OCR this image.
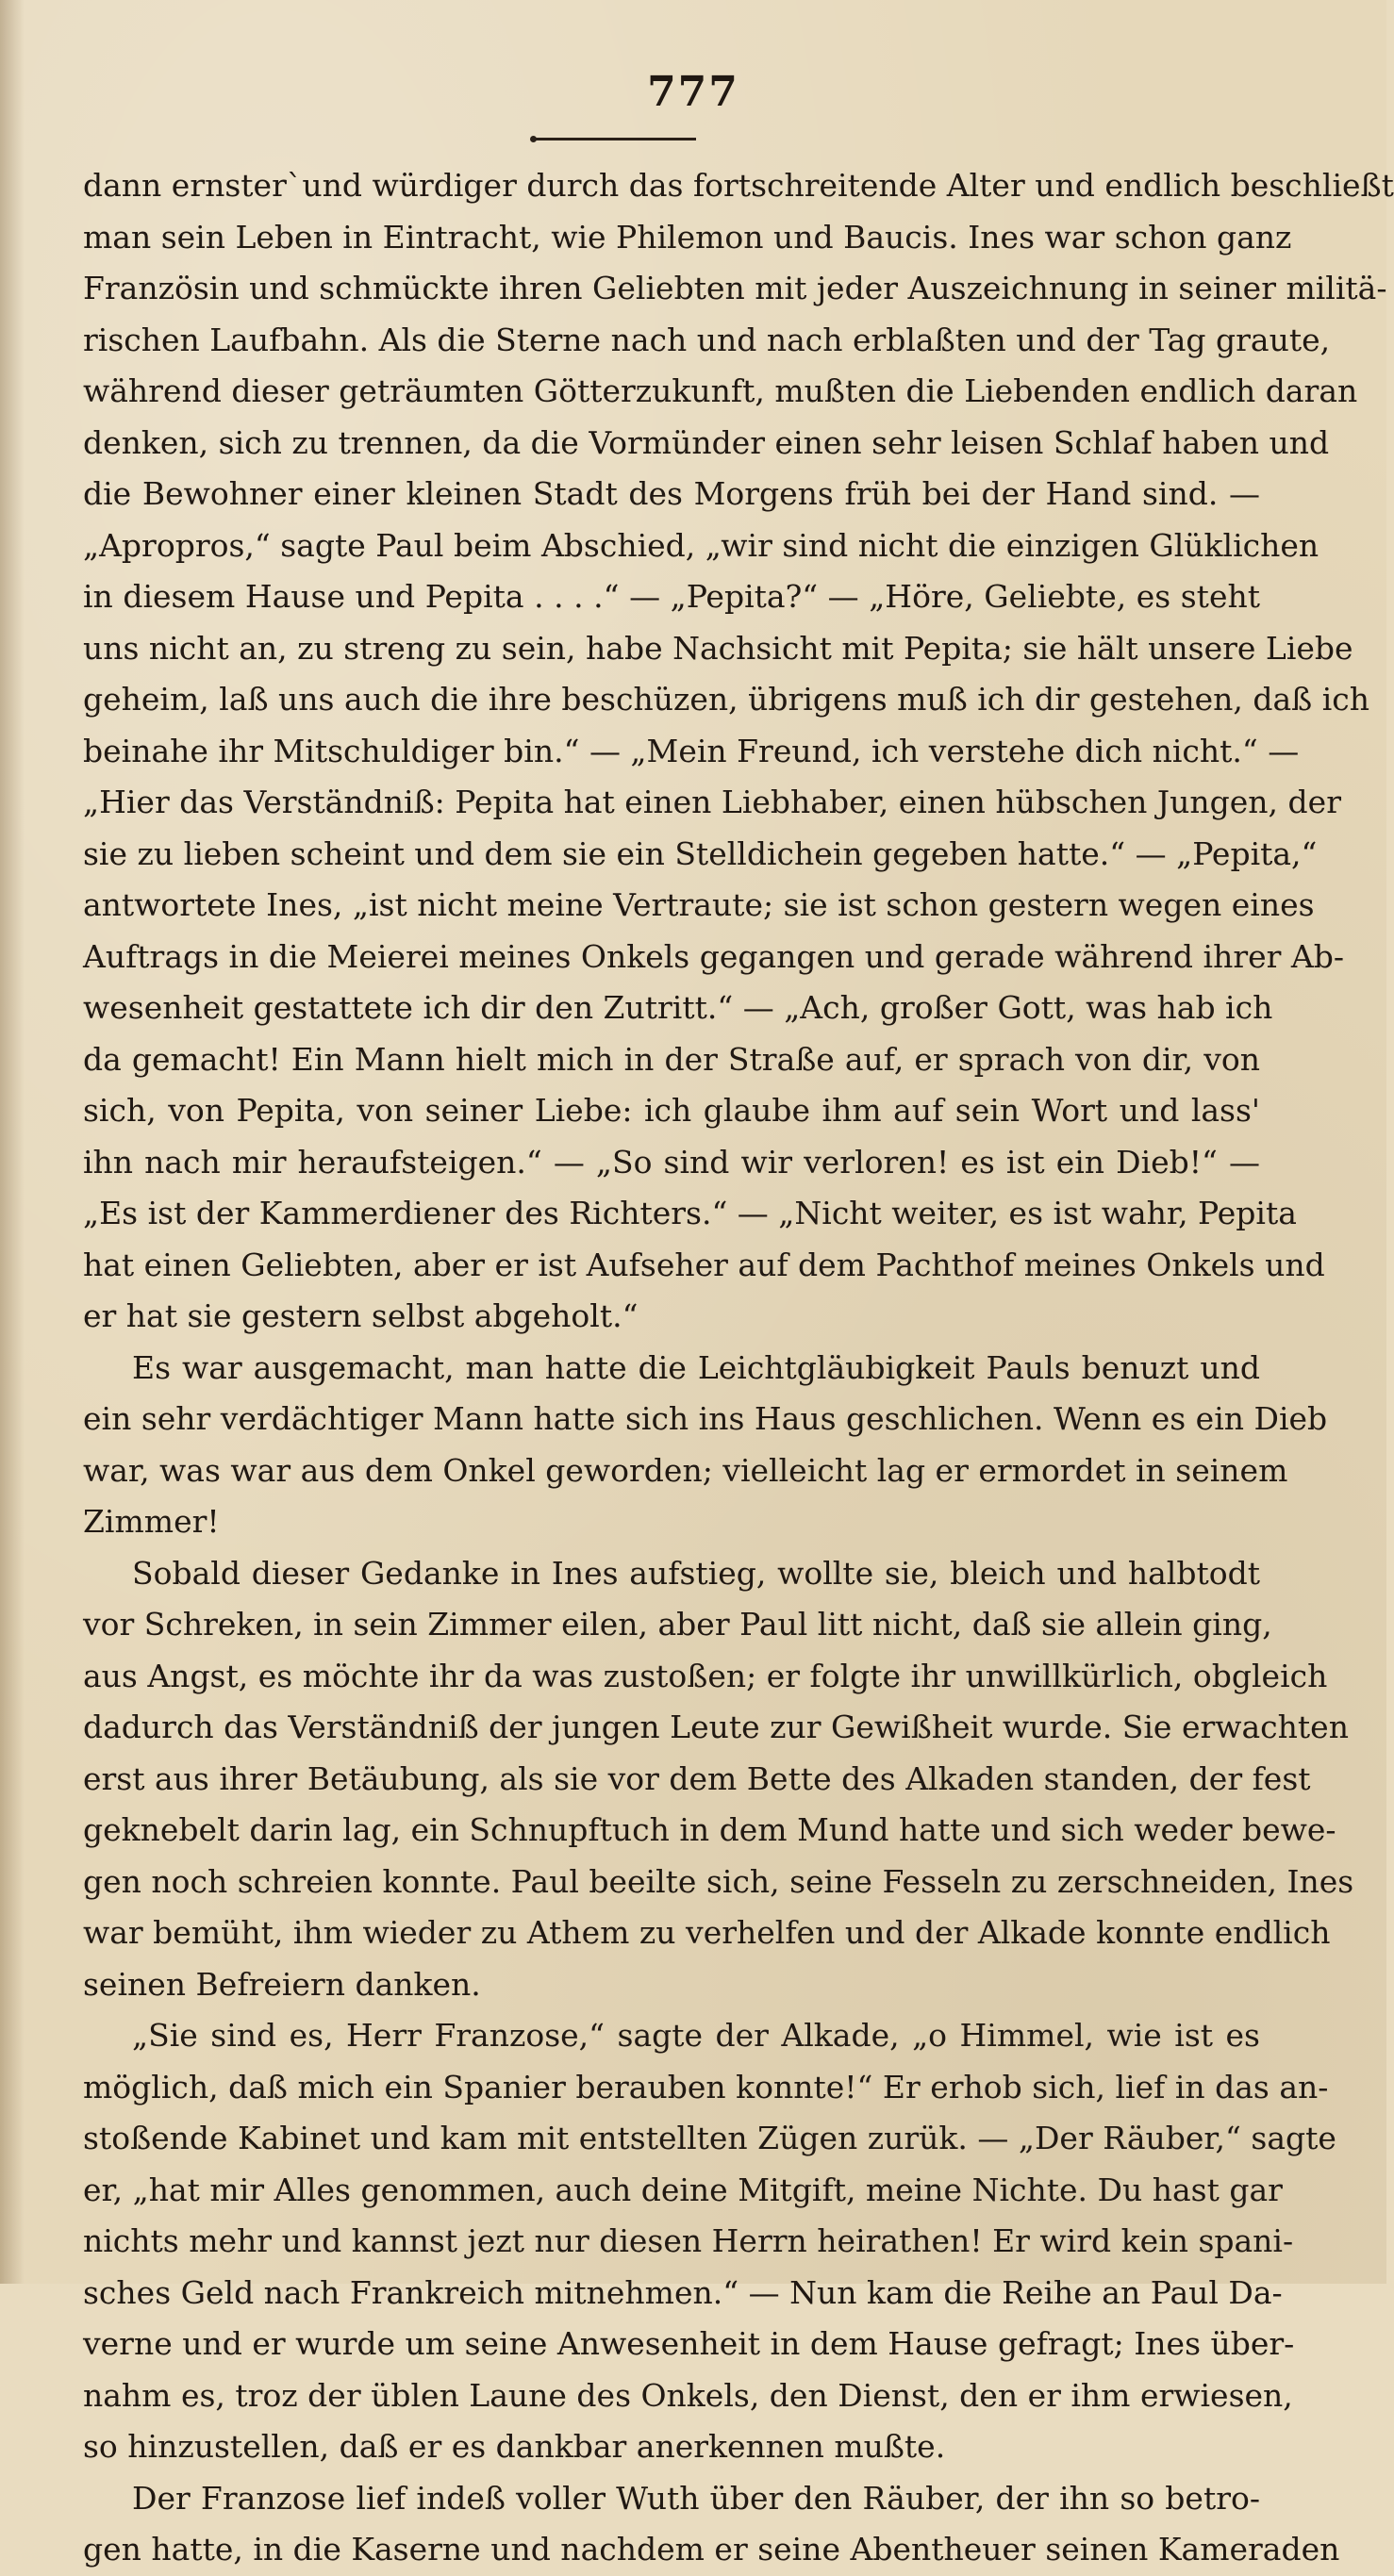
777
dann ernster`und würdiger durch das fortschreitende Alter und endlich beschließt
man sein Leben in Eintracht, wie Philemon und Baucis. Ines war schon ganz
Französin und schmückte ihren Geliebten mit jeder Auszeichnung in seiner militä-
rischen Laufbahn. Als die Sterne nach und nach erblaßten und der Tag graute,
während dieser geträumten Götterzukunft, mußten die Liebenden endlich daran
denken, sich zu trennen, da die Vormünder einen sehr leisen Schlaf haben und
die Bewohner einer kleinen Stadt des Morgens früh bei der Hand sind. —
„Apropros,“ sagte Paul beim Abschied, „wir sind nicht die einzigen Glüklichen
in diesem Hause und Pepita . . . .“ — „Pepita?“ — „Höre, Geliebte, es steht
uns nicht an, zu streng zu sein, habe Nachsicht mit Pepita; sie hält unsere Liebe
geheim, laß uns auch die ihre beschüzen, übrigens muß ich dir gestehen, daß ich
beinahe ihr Mitschuldiger bin.“ — „Mein Freund, ich verstehe dich nicht.“ —
„Hier das Verständniß: Pepita hat einen Liebhaber, einen hübschen Jungen, der
sie zu lieben scheint und dem sie ein Stelldichein gegeben hatte.“ — „Pepita,“
antwortete Ines, „ist nicht meine Vertraute; sie ist schon gestern wegen eines
Auftrags in die Meierei meines Onkels gegangen und gerade während ihrer Ab-
wesenheit gestattete ich dir den Zutritt.“ — „Ach, großer Gott, was hab ich
da gemacht! Ein Mann hielt mich in der Straße auf, er sprach von dir, von
sich, von Pepita, von seiner Liebe: ich glaube ihm auf sein Wort und lass'
ihn nach mir heraufsteigen.“ — „So sind wir verloren! es ist ein Dieb!“ —
„Es ist der Kammerdiener des Richters.“ — „Nicht weiter, es ist wahr, Pepita
hat einen Geliebten, aber er ist Aufseher auf dem Pachthof meines Onkels und
er hat sie gestern selbst abgeholt.“
Es war ausgemacht, man hatte die Leichtgläubigkeit Pauls benuzt und
ein sehr verdächtiger Mann hatte sich ins Haus geschlichen. Wenn es ein Dieb
war, was war aus dem Onkel geworden; vielleicht lag er ermordet in seinem
Zimmer!
Sobald dieser Gedanke in Ines aufstieg, wollte sie, bleich und halbtodt
vor Schreken, in sein Zimmer eilen, aber Paul litt nicht, daß sie allein ging,
aus Angst, es möchte ihr da was zustoßen; er folgte ihr unwillkürlich, obgleich
dadurch das Verständniß der jungen Leute zur Gewißheit wurde. Sie erwachten
erst aus ihrer Betäubung, als sie vor dem Bette des Alkaden standen, der fest
geknebelt darin lag, ein Schnupftuch in dem Mund hatte und sich weder bewe-
gen noch schreien konnte. Paul beeilte sich, seine Fesseln zu zerschneiden, Ines
war bemüht, ihm wieder zu Athem zu verhelfen und der Alkade konnte endlich
seinen Befreiern danken.
„Sie sind es, Herr Franzose,“ sagte der Alkade, „o Himmel, wie ist es
möglich, daß mich ein Spanier berauben konnte!“ Er erhob sich, lief in das an-
stoßende Kabinet und kam mit entstellten Zügen zurük. — „Der Räuber,“ sagte
er, „hat mir Alles genommen, auch deine Mitgift, meine Nichte. Du hast gar
nichts mehr und kannst jezt nur diesen Herrn heirathen! Er wird kein spani-
sches Geld nach Frankreich mitnehmen.“ — Nun kam die Reihe an Paul Da-
verne und er wurde um seine Anwesenheit in dem Hause gefragt; Ines über-
nahm es, troz der üblen Laune des Onkels, den Dienst, den er ihm erwiesen,
so hinzustellen, daß er es dankbar anerkennen mußte.
Der Franzose lief indeß voller Wuth über den Räuber, der ihn so betro-
gen hatte, in die Kaserne und nachdem er seine Abentheuer seinen Kameraden
